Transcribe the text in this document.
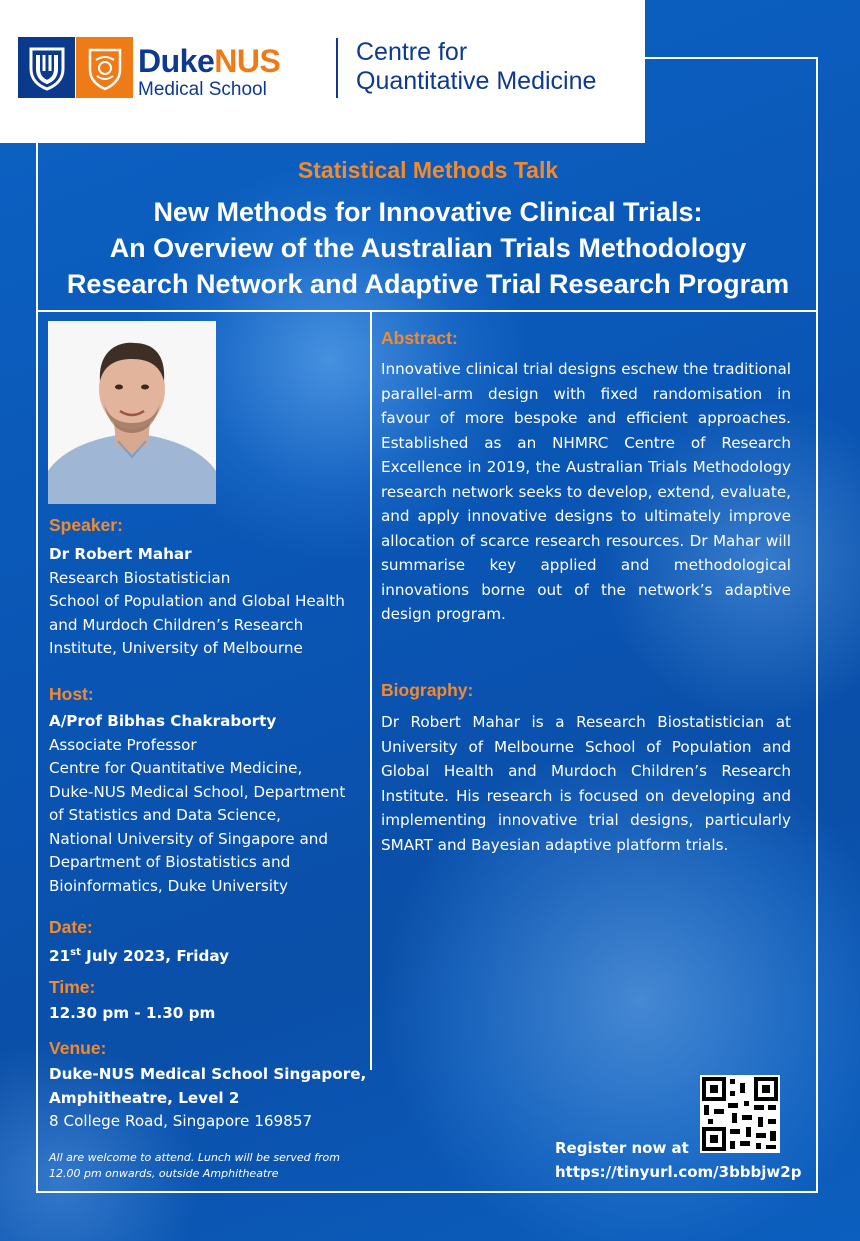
DukeNUS
Medical School
Centre for
Quantitative Medicine
Statistical Methods Talk
New Methods for Innovative Clinical Trials:
An Overview of the Australian Trials Methodology
Research Network and Adaptive Trial Research Program
Speaker:
Dr Robert Mahar
Research Biostatistician
School of Population and Global Health
and Murdoch Children’s Research
Institute, University of Melbourne
Host:
A/Prof Bibhas Chakraborty
Associate Professor
Centre for Quantitative Medicine,
Duke-NUS Medical School, Department
of Statistics and Data Science,
National University of Singapore and
Department of Biostatistics and
Bioinformatics, Duke University
Date:
21st July 2023, Friday
Time:
12.30 pm - 1.30 pm
Venue:
Duke-NUS Medical School Singapore,
Amphitheatre, Level 2
8 College Road, Singapore 169857
All are welcome to attend. Lunch will be served from 12.00 pm onwards, outside Amphitheatre
Abstract:
Innovative clinical trial designs eschew the traditional parallel-arm design with fixed randomisation in favour of more bespoke and efficient approaches. Established as an NHMRC Centre of Research Excellence in 2019, the Australian Trials Methodology research network seeks to develop, extend, evaluate, and apply innovative designs to ultimately improve allocation of scarce research resources. Dr Mahar will summarise key applied and methodological innovations borne out of the network’s adaptive design program.
Biography:
Dr Robert Mahar is a Research Biostatistician at University of Melbourne School of Population and Global Health and Murdoch Children’s Research Institute. His research is focused on developing and implementing innovative trial designs, particularly SMART and Bayesian adaptive platform trials.
Register now at
https://tinyurl.com/3bbbjw2p
